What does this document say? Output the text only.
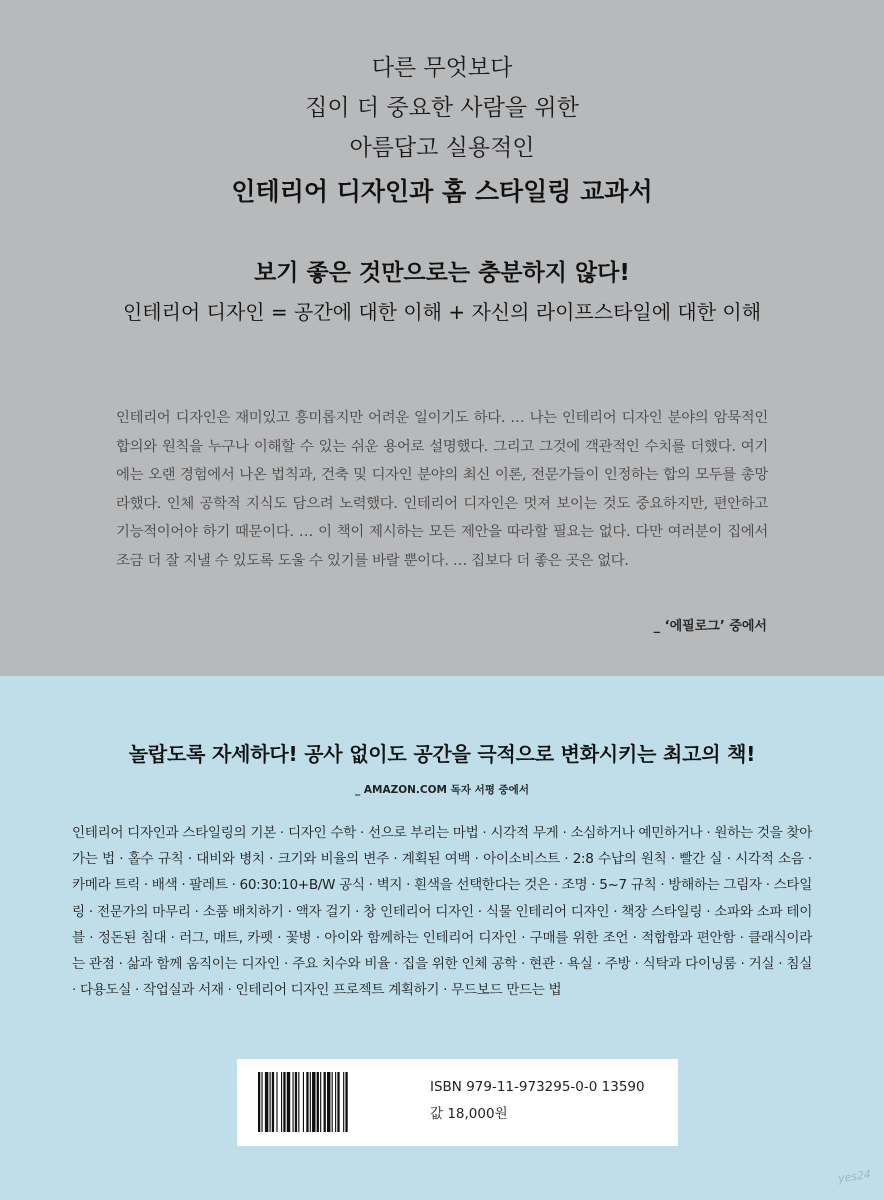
다른 무엇보다
집이 더 중요한 사람을 위한
아름답고 실용적인
인테리어 디자인과 홈 스타일링 교과서
보기 좋은 것만으로는 충분하지 않다!
인테리어 디자인 = 공간에 대한 이해 + 자신의 라이프스타일에 대한 이해
인테리어 디자인은 재미있고 흥미롭지만 어려운 일이기도 하다. … 나는 인테리어 디자인 분야의 암묵적인 합의와 원칙을 누구나 이해할 수 있는 쉬운 용어로 설명했다. 그리고 그것에 객관적인 수치를 더했다. 여기에는 오랜 경험에서 나온 법칙과, 건축 및 디자인 분야의 최신 이론, 전문가들이 인정하는 합의 모두를 총망라했다. 인체 공학적 지식도 담으려 노력했다. 인테리어 디자인은 멋져 보이는 것도 중요하지만, 편안하고 기능적이어야 하기 때문이다. … 이 책이 제시하는 모든 제안을 따라할 필요는 없다. 다만 여러분이 집에서 조금 더 잘 지낼 수 있도록 도울 수 있기를 바랄 뿐이다. … 집보다 더 좋은 곳은 없다.
_ ‘에필로그’ 중에서
놀랍도록 자세하다! 공사 없이도 공간을 극적으로 변화시키는 최고의 책!
_ AMAZON.COM 독자 서평 중에서
인테리어 디자인과 스타일링의 기본 · 디자인 수학 · 선으로 부리는 마법 · 시각적 무게 · 소심하거나 예민하거나 · 원하는 것을 찾아가는 법 · 홀수 규칙 · 대비와 병치 · 크기와 비율의 변주 · 계획된 여백 · 아이소비스트 · 2:8 수납의 원칙 · 빨간 실 · 시각적 소음 · 카메라 트릭 · 배색 · 팔레트 · 60:30:10+B/W 공식 · 벽지 · 흰색을 선택한다는 것은 · 조명 · 5~7 규칙 · 방해하는 그림자 · 스타일링 · 전문가의 마무리 · 소품 배치하기 · 액자 걸기 · 창 인테리어 디자인 · 식물 인테리어 디자인 · 책장 스타일링 · 소파와 소파 테이블 · 정돈된 침대 · 러그, 매트, 카펫 · 꽃병 · 아이와 함께하는 인테리어 디자인 · 구매를 위한 조언 · 적합함과 편안함 · 클래식이라는 관점 · 삶과 함께 움직이는 디자인 · 주요 치수와 비율 · 집을 위한 인체 공학 · 현관 · 욕실 · 주방 · 식탁과 다이닝룸 · 거실 · 침실 · 다용도실 · 작업실과 서재 · 인테리어 디자인 프로젝트 계획하기 · 무드보드 만드는 법
ISBN 979-11-973295-0-0 13590
값 18,000원
yes24
